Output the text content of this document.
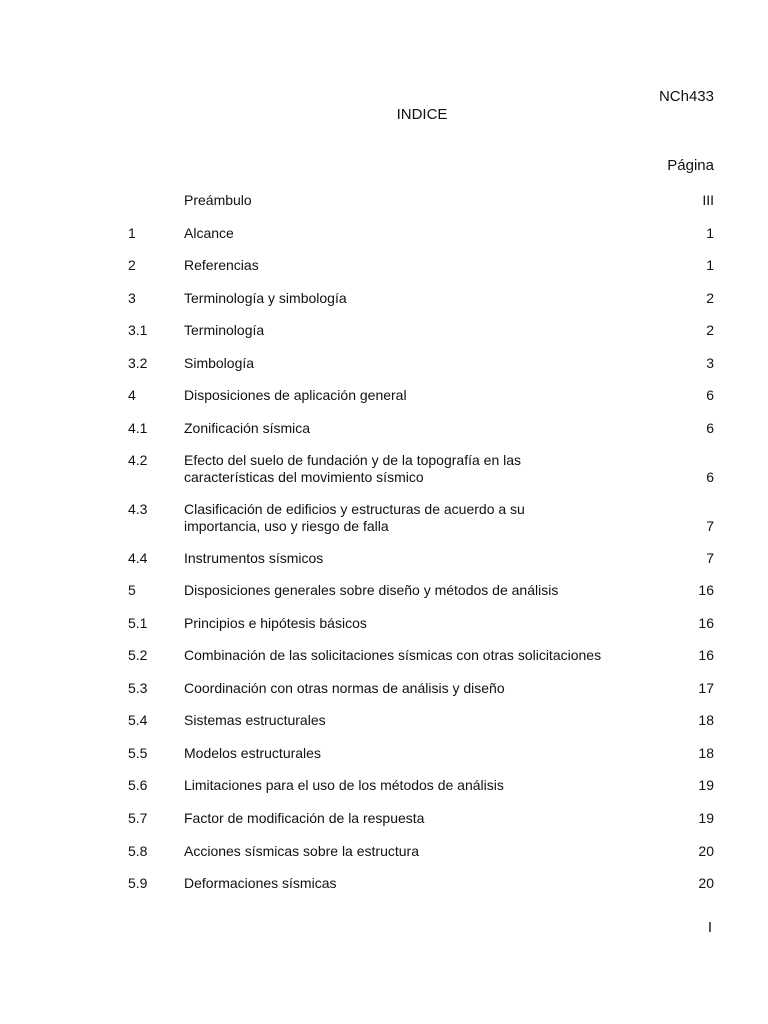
NCh433
INDICE
Página
Preámbulo	III
1	Alcance	1
2	Referencias	1
3	Terminología y simbología	2
3.1	Terminología	2
3.2	Simbología	3
4	Disposiciones de aplicación general	6
4.1	Zonificación sísmica	6
4.2	Efecto del suelo de fundación y de la topografía en las
características del movimiento sísmico	6
4.3	Clasificación de edificios y estructuras de acuerdo a su
importancia, uso y riesgo de falla	7
4.4	Instrumentos sísmicos	7
5	Disposiciones generales sobre diseño y métodos de análisis	16
5.1	Principios e hipótesis básicos	16
5.2	Combinación de las solicitaciones sísmicas con otras solicitaciones	16
5.3	Coordinación con otras normas de análisis y diseño	17
5.4	Sistemas estructurales	18
5.5	Modelos estructurales	18
5.6	Limitaciones para el uso de los métodos de análisis	19
5.7	Factor de modificación de la respuesta	19
5.8	Acciones sísmicas sobre la estructura	20
5.9	Deformaciones sísmicas	20
I
